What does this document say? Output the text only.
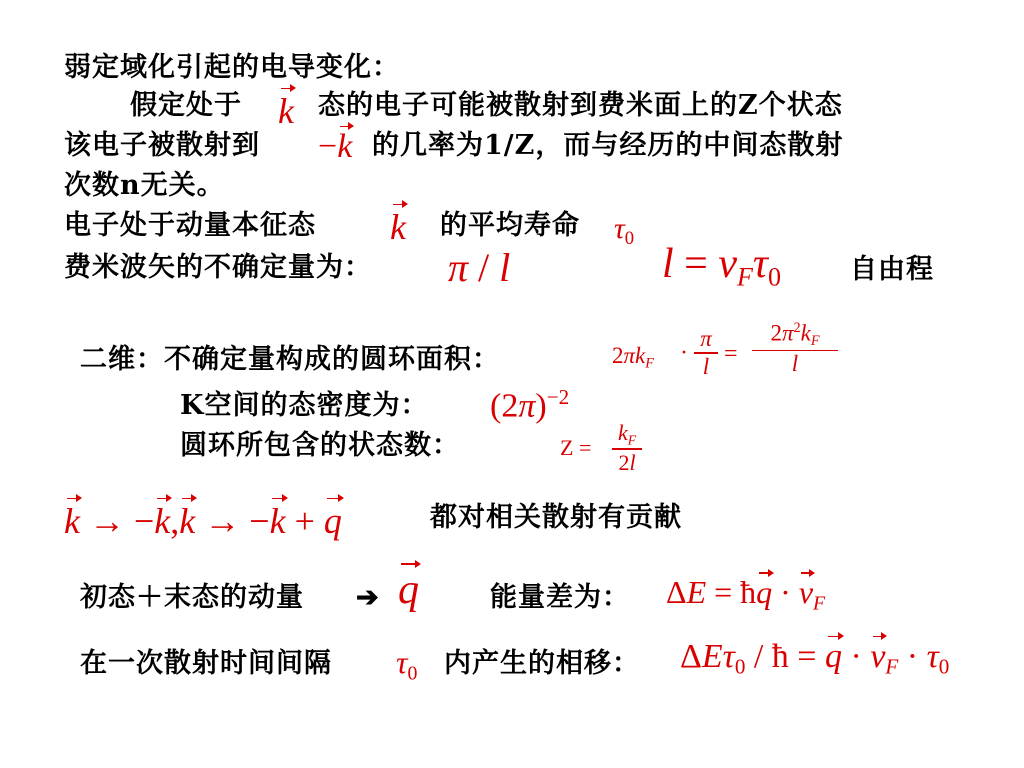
弱定域化引起的电导变化：
假定处于 k 态的电子可能被散射到费米面上的Z个状态
该电子被散射到 −k 的几率为1/Z，而与经历的中间态散射
次数n无关。
电子处于动量本征态 k 的平均寿命 $\tau_0$
费米波矢的不确定量为： π / l	$l = v_F\tau_0$	自由程
二维：不确定量构成的圆环面积：	$2\pi k_F$ ·
π
l =
$2\pi^2k_F$
l
K空间的态密度为： $(2\pi)^{-2}$
圆环所包含的状态数：	Z =
$k_F$
2l
k → −k,k → −k + q	都对相关散射有贡献
初态＋末态的动量 ➔ q	能量差为： ΔE = ħq · $v_F$
在一次散射时间间隔 $\tau_0$ 内产生的相移： ΔEτ$_0$ / ħ = $q \cdot v_F \cdot \tau_0$
